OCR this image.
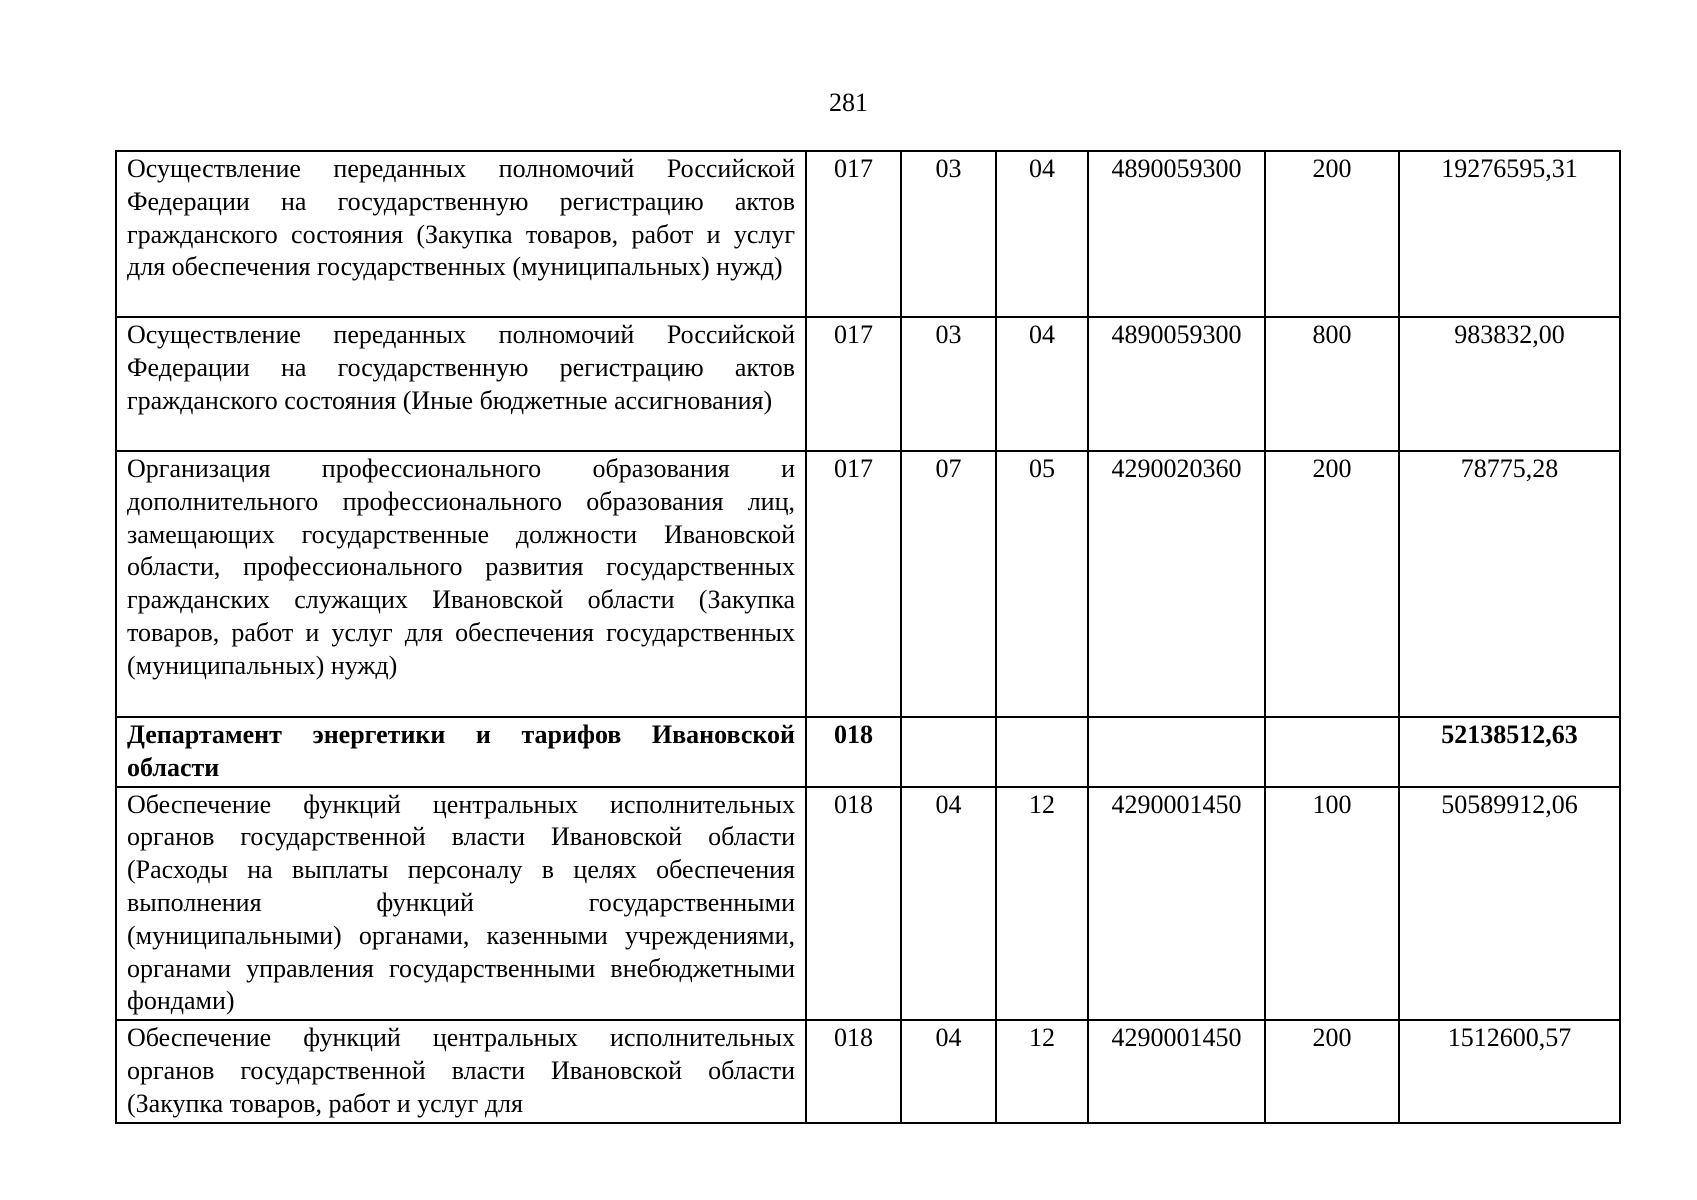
281
Осуществление переданных полномочий Российской Федерации на государственную регистрацию актов гражданского состояния (Закупка товаров, работ и услуг для обеспечения государственных (муниципальных) нужд)	017	03	04	4890059300	200	19276595,31
Осуществление переданных полномочий Российской Федерации на государственную регистрацию актов гражданского состояния (Иные бюджетные ассигнования)	017	03	04	4890059300	800	983832,00
Организация профессионального образования и дополнительного профессионального образования лиц, замещающих государственные должности Ивановской области, профессионального развития государственных гражданских служащих Ивановской области (Закупка товаров, работ и услуг для обеспечения государственных (муниципальных) нужд)	017	07	05	4290020360	200	78775,28
Департамент энергетики и тарифов Ивановской области	018					52138512,63
Обеспечение функций центральных исполнительных органов государственной власти Ивановской области (Расходы на выплаты персоналу в целях обеспечения выполнения функций государственными (муниципальными) органами, казенными учреждениями, органами управления государственными внебюджетными фондами)	018	04	12	4290001450	100	50589912,06
Обеспечение функций центральных исполнительных органов государственной власти Ивановской области (Закупка товаров, работ и услуг для	018	04	12	4290001450	200	1512600,57
